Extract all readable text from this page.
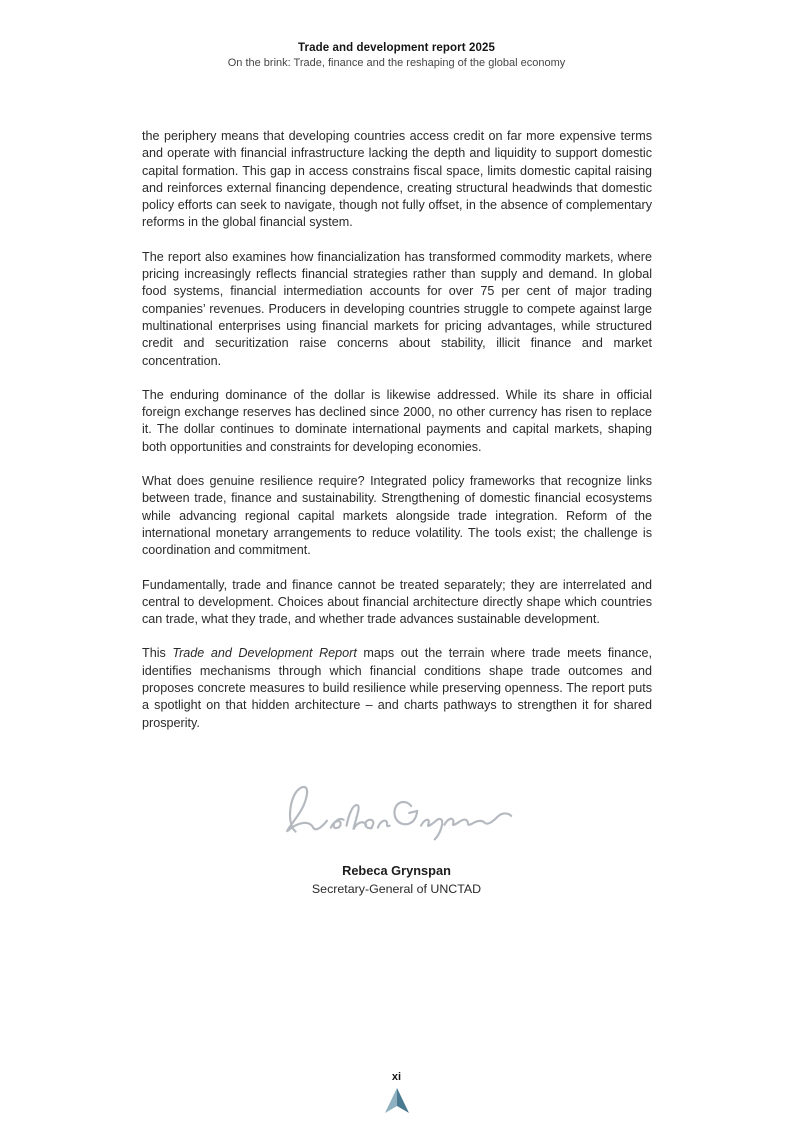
Trade and development report 2025
On the brink: Trade, finance and the reshaping of the global economy

the periphery means that developing countries access credit on far more expensive terms and operate with financial infrastructure lacking the depth and liquidity to support domestic capital formation. This gap in access constrains fiscal space, limits domestic capital raising and reinforces external financing dependence, creating structural headwinds that domestic policy efforts can seek to navigate, though not fully offset, in the absence of complementary reforms in the global financial system.

The report also examines how financialization has transformed commodity markets, where pricing increasingly reflects financial strategies rather than supply and demand. In global food systems, financial intermediation accounts for over 75 per cent of major trading companies’ revenues. Producers in developing countries struggle to compete against large multinational enterprises using financial markets for pricing advantages, while structured credit and securitization raise concerns about stability, illicit finance and market concentration.

The enduring dominance of the dollar is likewise addressed. While its share in official foreign exchange reserves has declined since 2000, no other currency has risen to replace it. The dollar continues to dominate international payments and capital markets, shaping both opportunities and constraints for developing economies.

What does genuine resilience require? Integrated policy frameworks that recognize links between trade, finance and sustainability. Strengthening of domestic financial ecosystems while advancing regional capital markets alongside trade integration. Reform of the international monetary arrangements to reduce volatility. The tools exist; the challenge is coordination and commitment.

Fundamentally, trade and finance cannot be treated separately; they are interrelated and central to development. Choices about financial architecture directly shape which countries can trade, what they trade, and whether trade advances sustainable development.

This Trade and Development Report maps out the terrain where trade meets finance, identifies mechanisms through which financial conditions shape trade outcomes and proposes concrete measures to build resilience while preserving openness. The report puts a spotlight on that hidden architecture – and charts pathways to strengthen it for shared prosperity.

Rebeca Grynspan
Secretary-General of UNCTAD
xi
